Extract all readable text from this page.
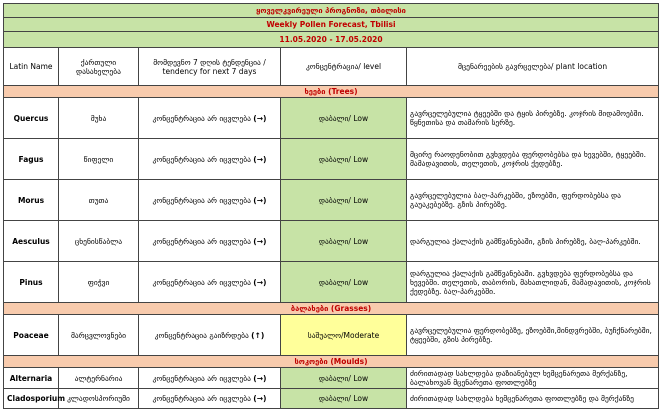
ყოველკვირეული პროგნოზი, თბილისი				
Weekly Pollen Forecast, Tbilisi				
11.05.2020 - 17.05.2020				
Latin Name	ქართული დასახელება	მომდევნო 7 დღის ტენდენცია / tendency for next 7 days	კონცენტრაცია/ level	მცენარეების გავრცელება/ plant location
ხეები (Trees)				
Quercus	მუხა	კონცენტრაცია არ იცვლება (→)	დაბალი/ Low	გავრცელებულია ტყეებში და ტყის პირებზე. კოჯრის მიდამოებში. წყნეთისა და თამარის სერზე.
Fagus	წიფელი	კონცენტრაცია არ იცვლება (→)	დაბალი/ Low	მცირე რაოდენობით გვხვდება ფერდობებსა და ხევებში, ტყეებში. მამადავითის, თელეთის, კოჯრის ქედებზე.
Morus	თუთა	კონცენტრაცია არ იცვლება (→)	დაბალი/ Low	გავრცელებულია ბაღ-პარკებში, ეზოებში, ფერდობებსა და გაუაკებებზე. გზის პირებზე.
Aesculus	ცხენისწაბლა	კონცენტრაცია არ იცვლება (→)	დაბალი/ Low	დარგულია ქალაქის გამწვანებაში, გზის პირებზე, ბაღ-პარკებში.
Pinus	ფიჭვი	კონცენტრაცია არ იცვლება (→)	დაბალი/ Low	დარგულია ქალაქის გამწვანებაში. გვხვდება ფერდობებსა და ხევებში. თელეთის, თაბორის, მახათლიდან, მამადავითის, კოჯრის ქედებზე. ბაღ-პარკებში.
ბალახები (Grasses)				
Poaceae	მარცვლოვნები	კონცენტრაცია გაიზრდება (↑)	საშუალო/Moderate	გავრცელებულია ფერდობებზე, ეზოებში,მინდვრებში, ბუჩქნარებში, ტყეებში, გზის პირებზე.
სოკოები (Moulds)				
Alternaria	ალტერნარია	კონცენტრაცია არ იცვლება (→)	დაბალი/ Low	ძირითადად სახლდება დაზიანებულ ხემცენარეთა მერქანზე, ბალახოვან მცენარეთა ფოთლებზე
Cladosporium	კლადოსპორიუმი	კონცენტრაცია არ იცვლება (→)	დაბალი/ Low	ძირითადად სახლდება ხემცენარეთა ფოთლებზე და მერქანზე
